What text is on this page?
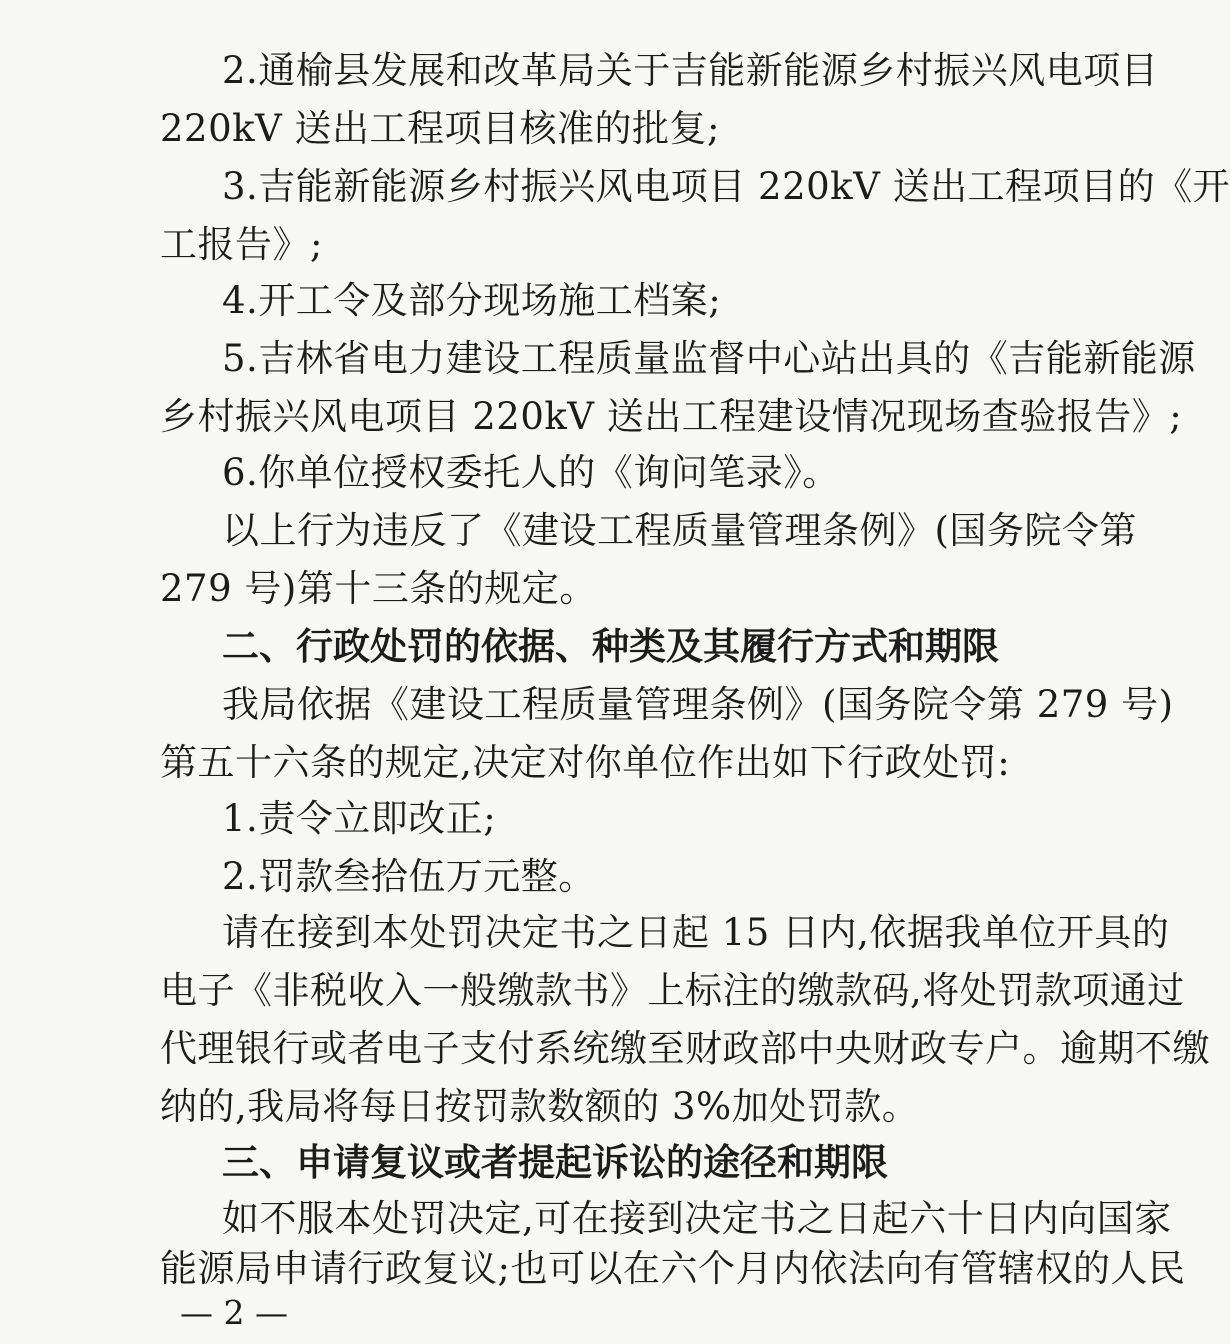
2.通榆县发展和改革局关于吉能新能源乡村振兴风电项目
220kV 送出工程项目核准的批复;
3.吉能新能源乡村振兴风电项目 220kV 送出工程项目的《开
工报告》;
4.开工令及部分现场施工档案;
5.吉林省电力建设工程质量监督中心站出具的《吉能新能源
乡村振兴风电项目 220kV 送出工程建设情况现场查验报告》;
6.你单位授权委托人的《询问笔录》。
以上行为违反了《建设工程质量管理条例》(国务院令第
279 号)第十三条的规定。
二、行政处罚的依据、种类及其履行方式和期限
我局依据《建设工程质量管理条例》(国务院令第 279 号)
第五十六条的规定,决定对你单位作出如下行政处罚:
1.责令立即改正;
2.罚款叁拾伍万元整。
请在接到本处罚决定书之日起 15 日内,依据我单位开具的
电子《非税收入一般缴款书》上标注的缴款码,将处罚款项通过
代理银行或者电子支付系统缴至财政部中央财政专户。逾期不缴
纳的,我局将每日按罚款数额的 3%加处罚款。
三、申请复议或者提起诉讼的途径和期限
如不服本处罚决定,可在接到决定书之日起六十日内向国家
能源局申请行政复议;也可以在六个月内依法向有管辖权的人民
— 2 —
